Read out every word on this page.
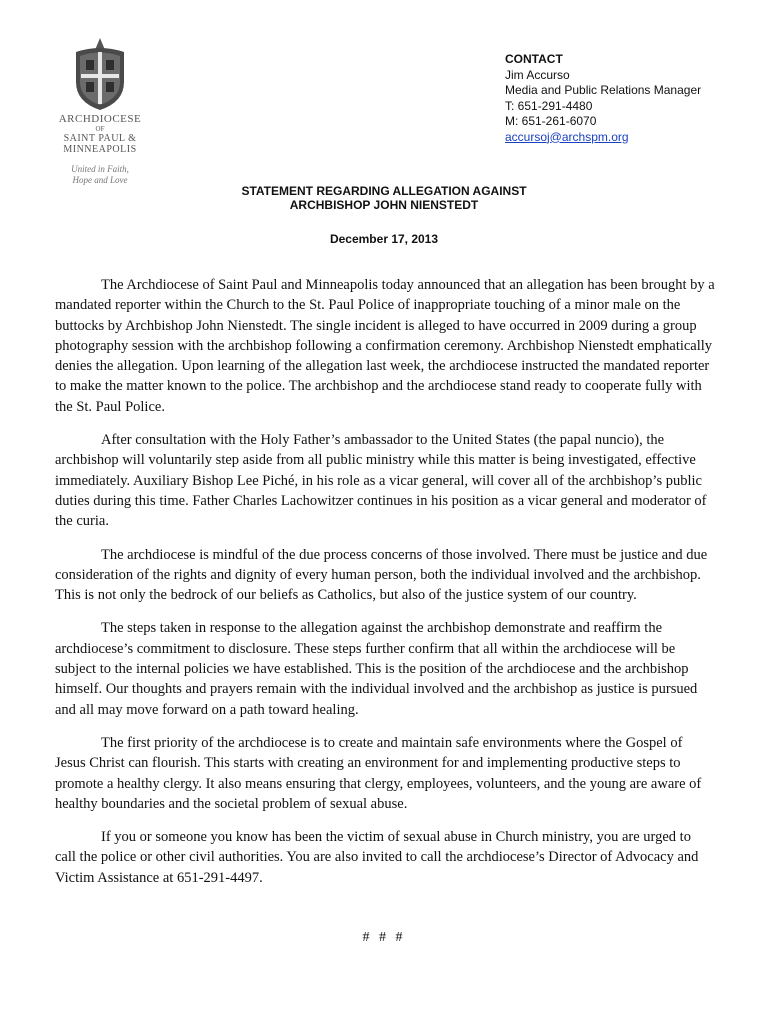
ARCHDIOCESE
OF
SAINT PAUL &
MINNEAPOLIS
United in Faith,
Hope and Love
CONTACT
Jim Accurso
Media and Public Relations Manager
T: 651-291-4480
M: 651-261-6070
accursoj@archspm.org
STATEMENT REGARDING ALLEGATION AGAINST
ARCHBISHOP JOHN NIENSTEDT
December 17, 2013

The Archdiocese of Saint Paul and Minneapolis today announced that an allegation has been brought by a mandated reporter within the Church to the St. Paul Police of inappropriate touching of a minor male on the buttocks by Archbishop John Nienstedt. The single incident is alleged to have occurred in 2009 during a group photography session with the archbishop following a confirmation ceremony. Archbishop Nienstedt emphatically denies the allegation. Upon learning of the allegation last week, the archdiocese instructed the mandated reporter to make the matter known to the police. The archbishop and the archdiocese stand ready to cooperate fully with the St. Paul Police.

After consultation with the Holy Father’s ambassador to the United States (the papal nuncio), the archbishop will voluntarily step aside from all public ministry while this matter is being investigated, effective immediately. Auxiliary Bishop Lee Piché, in his role as a vicar general, will cover all of the archbishop’s public duties during this time. Father Charles Lachowitzer continues in his position as a vicar general and moderator of the curia.

The archdiocese is mindful of the due process concerns of those involved. There must be justice and due consideration of the rights and dignity of every human person, both the individual involved and the archbishop. This is not only the bedrock of our beliefs as Catholics, but also of the justice system of our country.

The steps taken in response to the allegation against the archbishop demonstrate and reaffirm the archdiocese’s commitment to disclosure. These steps further confirm that all within the archdiocese will be subject to the internal policies we have established. This is the position of the archdiocese and the archbishop himself. Our thoughts and prayers remain with the individual involved and the archbishop as justice is pursued and all may move forward on a path toward healing.

The first priority of the archdiocese is to create and maintain safe environments where the Gospel of Jesus Christ can flourish. This starts with creating an environment for and implementing productive steps to promote a healthy clergy. It also means ensuring that clergy, employees, volunteers, and the young are aware of healthy boundaries and the societal problem of sexual abuse.

If you or someone you know has been the victim of sexual abuse in Church ministry, you are urged to call the police or other civil authorities. You are also invited to call the archdiocese’s Director of Advocacy and Victim Assistance at 651-291-4497.

# # #
